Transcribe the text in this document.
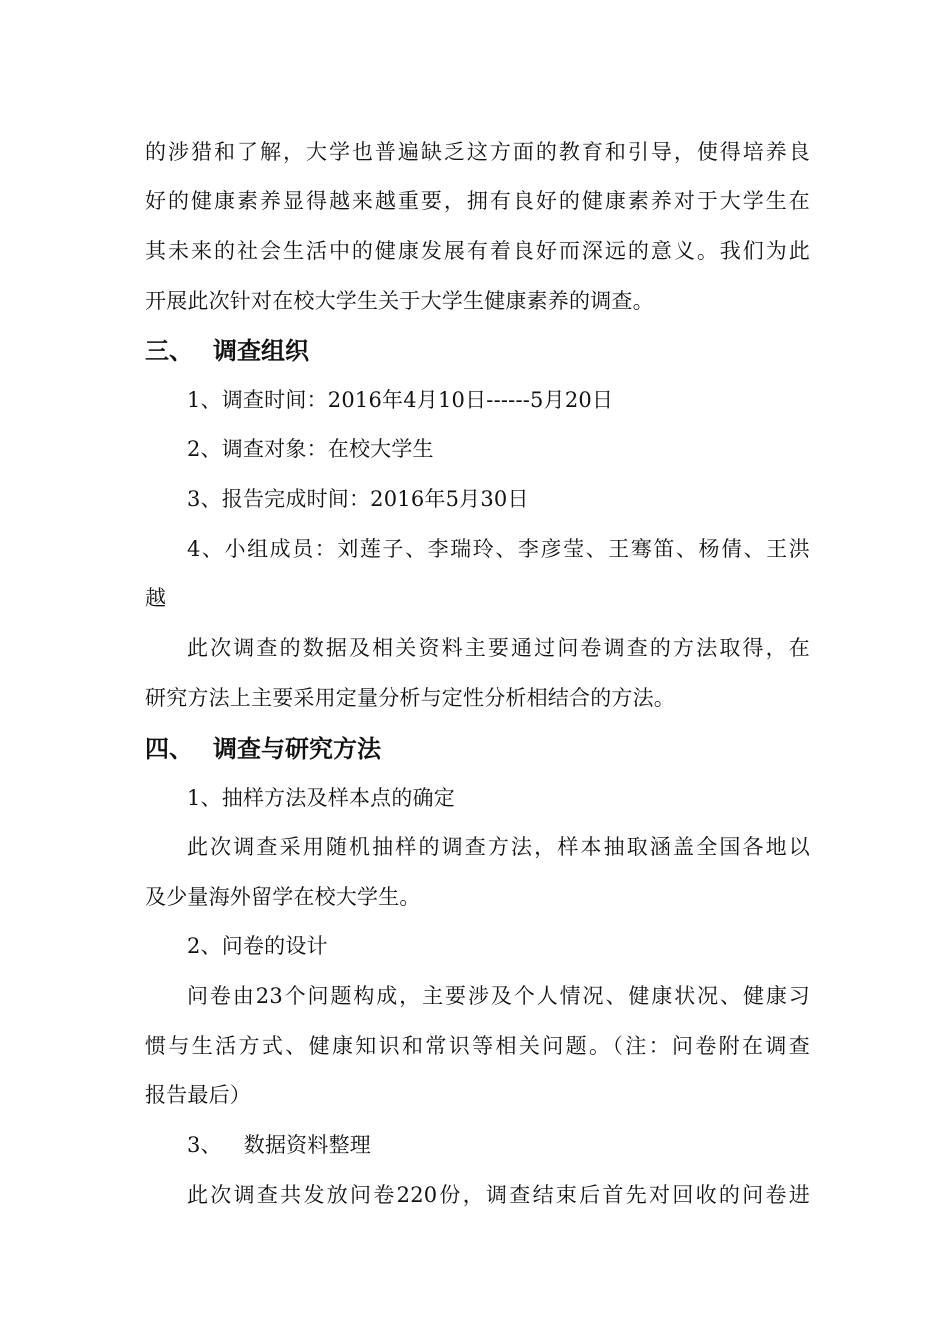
的涉猎和了解，大学也普遍缺乏这方面的教育和引导，使得培养良
好的健康素养显得越来越重要，拥有良好的健康素养对于大学生在
其未来的社会生活中的健康发展有着良好而深远的意义。我们为此
开展此次针对在校大学生关于大学生健康素养的调查。
三、 调查组织
1、调查时间：2016年4月10日------5月20日
2、调查对象：在校大学生
3、报告完成时间：2016年5月30日
4、小组成员：刘莲子、李瑞玲、李彦莹、王骞笛、杨倩、王洪
越
此次调查的数据及相关资料主要通过问卷调查的方法取得，在
研究方法上主要采用定量分析与定性分析相结合的方法。
四、 调查与研究方法
1、抽样方法及样本点的确定
此次调查采用随机抽样的调查方法，样本抽取涵盖全国各地以
及少量海外留学在校大学生。
2、问卷的设计
问卷由23个问题构成，主要涉及个人情况、健康状况、健康习
惯与生活方式、健康知识和常识等相关问题。（注：问卷附在调查
报告最后）
3、 数据资料整理
此次调查共发放问卷220份，调查结束后首先对回收的问卷进
